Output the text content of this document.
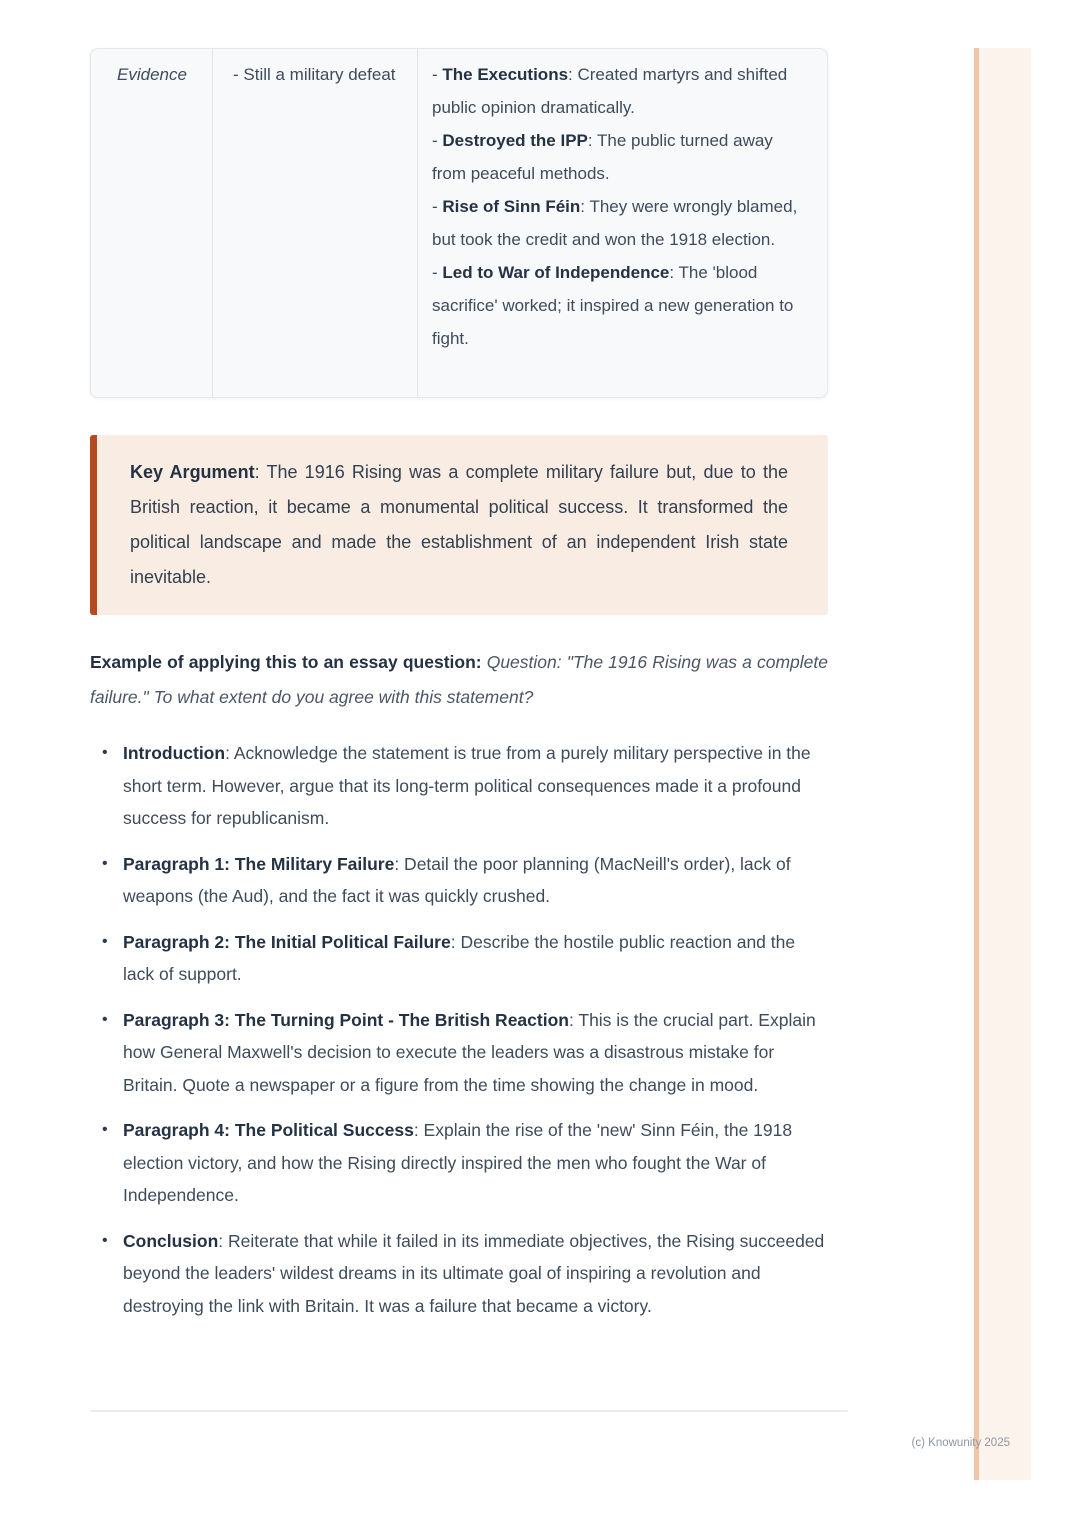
Evidence	- Still a military defeat	- The Executions: Created martyrs and shifted public opinion dramatically.
- Destroyed the IPP: The public turned away from peaceful methods.
- Rise of Sinn Féin: They were wrongly blamed, but took the credit and won the 1918 election.
- Led to War of Independence: The 'blood sacrifice' worked; it inspired a new generation to fight.
Key Argument: The 1916 Rising was a complete military failure but, due to the British reaction, it became a monumental political success. It transformed the political landscape and made the establishment of an independent Irish state inevitable.

Example of applying this to an essay question: Question: "The 1916 Rising was a complete failure." To what extent do you agree with this statement?

• Introduction: Acknowledge the statement is true from a purely military perspective in the short term. However, argue that its long-term political consequences made it a profound success for republicanism.
• Paragraph 1: The Military Failure: Detail the poor planning (MacNeill's order), lack of weapons (the Aud), and the fact it was quickly crushed.
• Paragraph 2: The Initial Political Failure: Describe the hostile public reaction and the lack of support.
• Paragraph 3: The Turning Point - The British Reaction: This is the crucial part. Explain how General Maxwell's decision to execute the leaders was a disastrous mistake for Britain. Quote a newspaper or a figure from the time showing the change in mood.
• Paragraph 4: The Political Success: Explain the rise of the 'new' Sinn Féin, the 1918 election victory, and how the Rising directly inspired the men who fought the War of Independence.
• Conclusion: Reiterate that while it failed in its immediate objectives, the Rising succeeded beyond the leaders' wildest dreams in its ultimate goal of inspiring a revolution and destroying the link with Britain. It was a failure that became a victory.
(c) Knowunity 2025
